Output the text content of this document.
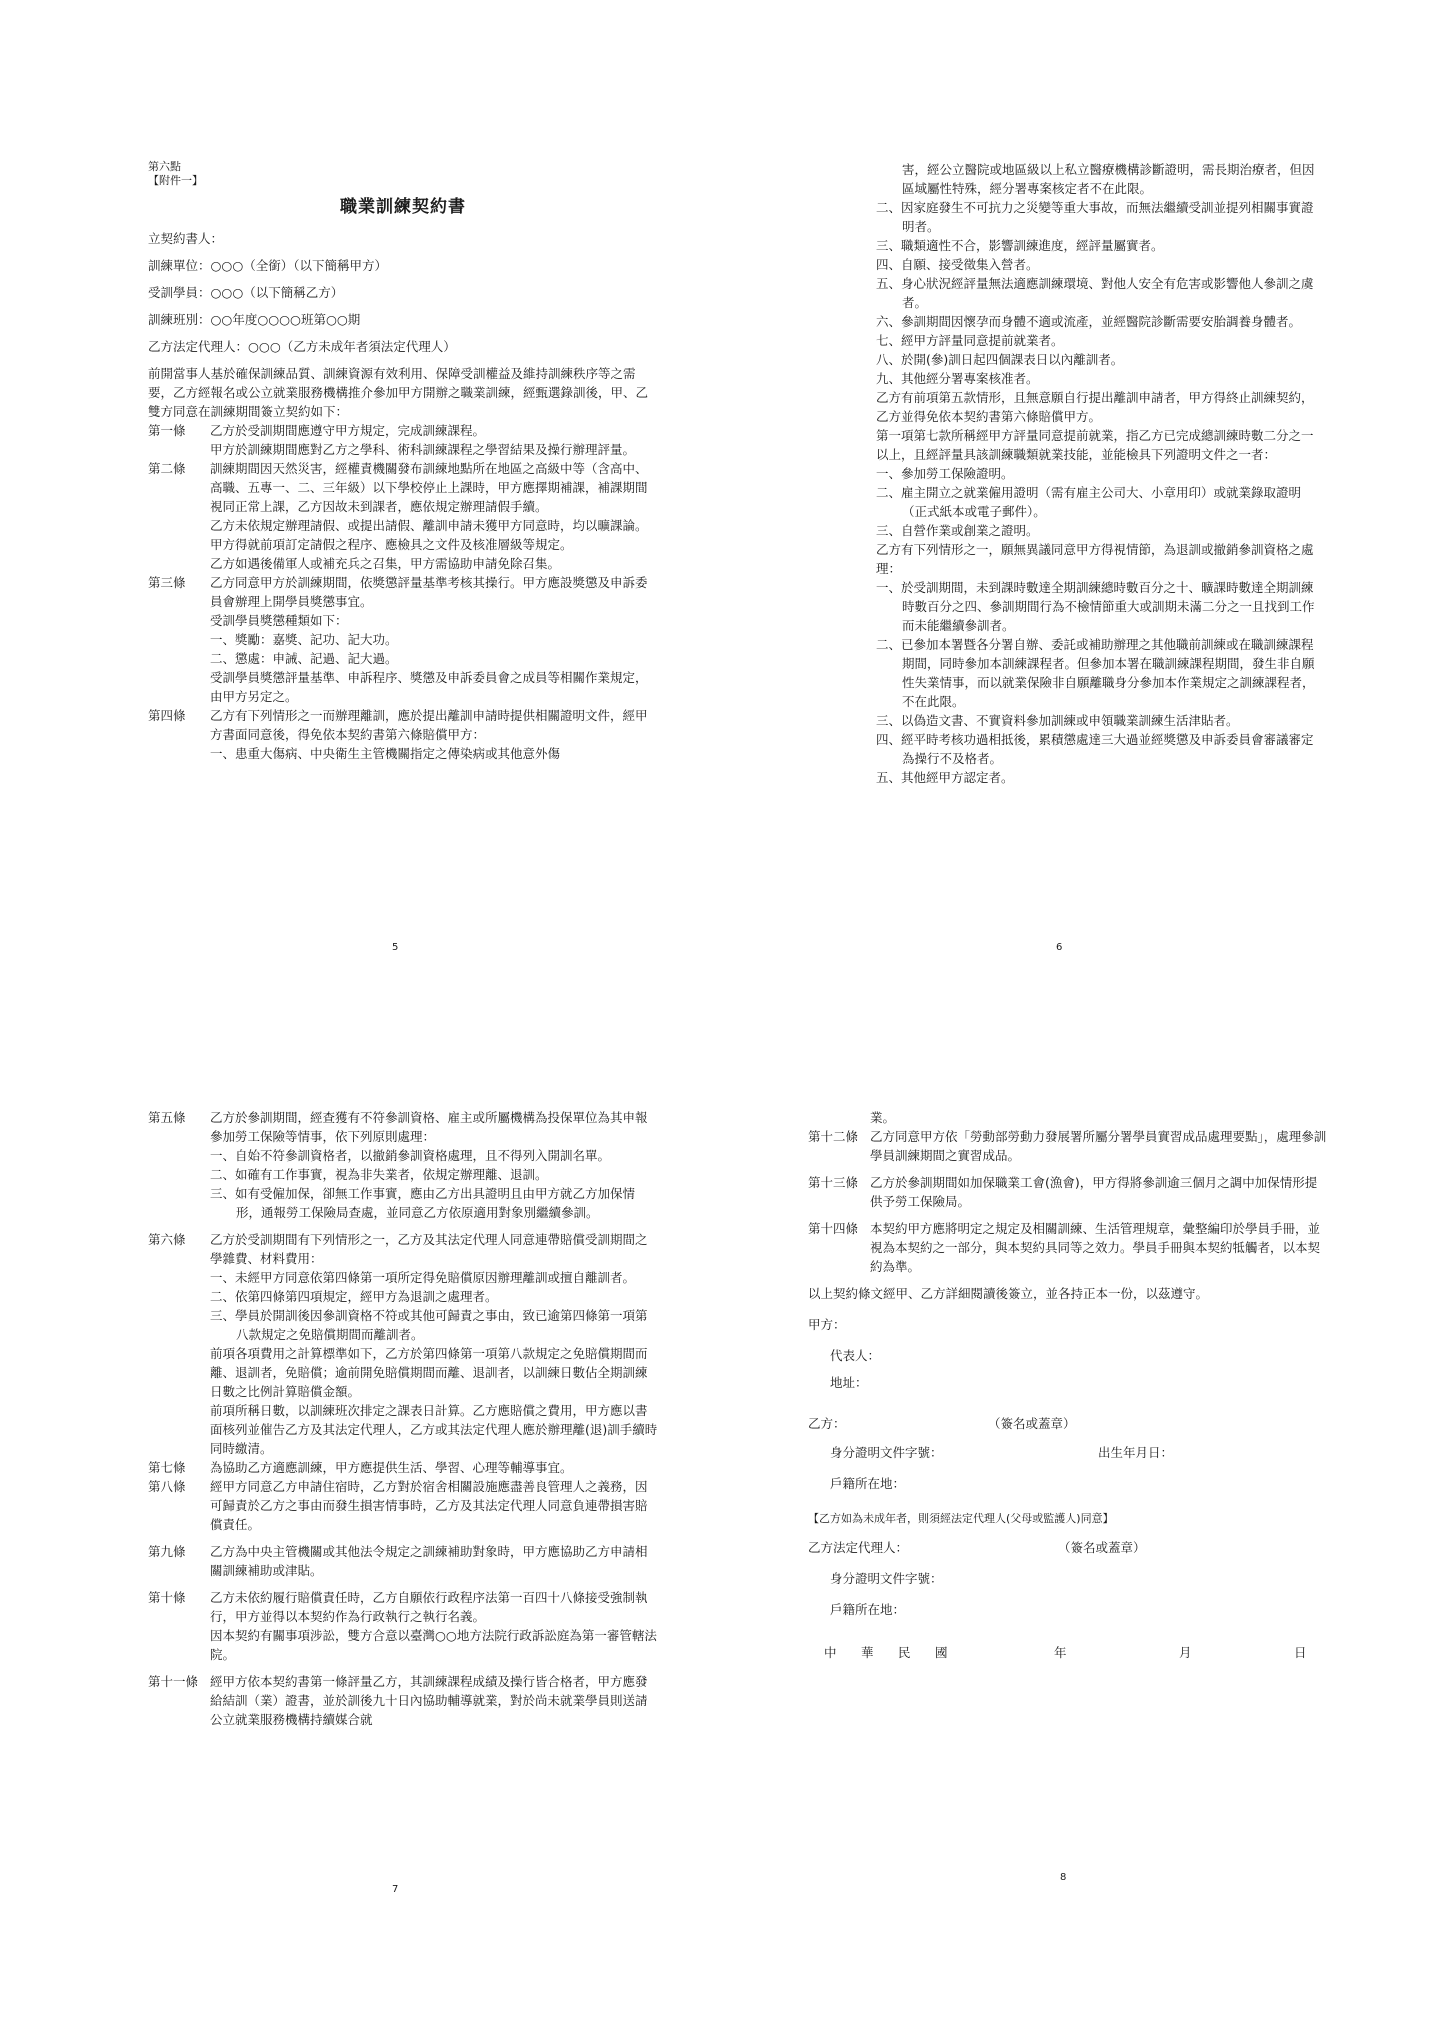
第六點

【附件一】

職業訓練契約書

立契約書人：

訓練單位：○○○（全銜）（以下簡稱甲方）

受訓學員：○○○（以下簡稱乙方）

訓練班別：○○年度○○○○班第○○期

乙方法定代理人：○○○（乙方未成年者須法定代理人）

前開當事人基於確保訓練品質、訓練資源有效利用、保障受訓權益及維持訓練秩序等之需要，乙方經報名或公立就業服務機構推介參加甲方開辦之職業訓練，經甄選錄訓後，甲、乙雙方同意在訓練期間簽立契約如下：

第一條	乙方於受訓期間應遵守甲方規定，完成訓練課程。

甲方於訓練期間應對乙方之學科、術科訓練課程之學習結果及操行辦理評量。

第二條	訓練期間因天然災害，經權責機關發布訓練地點所在地區之高級中等（含高中、高職、五專一、二、三年級）以下學校停止上課時，甲方應擇期補課，補課期間視同正常上課，乙方因故未到課者，應依規定辦理請假手續。

乙方未依規定辦理請假、或提出請假、離訓申請未獲甲方同意時，均以曠課論。

甲方得就前項訂定請假之程序、應檢具之文件及核准層級等規定。

乙方如遇後備軍人或補充兵之召集，甲方需協助申請免除召集。

第三條	乙方同意甲方於訓練期間，依獎懲評量基準考核其操行。甲方應設獎懲及申訴委員會辦理上開學員獎懲事宜。

受訓學員獎懲種類如下：

一、獎勵：嘉獎、記功、記大功。

二、懲處：申誡、記過、記大過。

受訓學員獎懲評量基準、申訴程序、獎懲及申訴委員會之成員等相關作業規定，由甲方另定之。

第四條	乙方有下列情形之一而辦理離訓，應於提出離訓申請時提供相關證明文件，經甲方書面同意後，得免依本契約書第六條賠償甲方：

一、患重大傷病、中央衛生主管機關指定之傳染病或其他意外傷

5

害，經公立醫院或地區級以上私立醫療機構診斷證明，需長期治療者，但因區域屬性特殊，經分署專案核定者不在此限。

二、因家庭發生不可抗力之災變等重大事故，而無法繼續受訓並提列相關事實證明者。

三、職類適性不合，影響訓練進度，經評量屬實者。

四、自願、接受徵集入營者。

五、身心狀況經評量無法適應訓練環境、對他人安全有危害或影響他人參訓之虞者。

六、參訓期間因懷孕而身體不適或流產，並經醫院診斷需要安胎調養身體者。

七、經甲方評量同意提前就業者。

八、於開(參)訓日起四個課表日以內離訓者。

九、其他經分署專案核准者。

乙方有前項第五款情形，且無意願自行提出離訓申請者，甲方得終止訓練契約，乙方並得免依本契約書第六條賠償甲方。

第一項第七款所稱經甲方評量同意提前就業，指乙方已完成總訓練時數二分之一以上，且經評量具該訓練職類就業技能，並能檢具下列證明文件之一者：

一、參加勞工保險證明。

二、雇主開立之就業僱用證明（需有雇主公司大、小章用印）或就業錄取證明（正式紙本或電子郵件）。

三、自營作業或創業之證明。

乙方有下列情形之一，願無異議同意甲方得視情節，為退訓或撤銷參訓資格之處理：

一、於受訓期間，未到課時數達全期訓練總時數百分之十、曠課時數達全期訓練時數百分之四、參訓期間行為不檢情節重大或訓期未滿二分之一且找到工作而未能繼續參訓者。

二、已參加本署暨各分署自辦、委託或補助辦理之其他職前訓練或在職訓練課程期間，同時參加本訓練課程者。但參加本署在職訓練課程期間，發生非自願性失業情事，而以就業保險非自願離職身分參加本作業規定之訓練課程者，不在此限。

三、以偽造文書、不實資料參加訓練或申領職業訓練生活津貼者。

四、經平時考核功過相抵後，累積懲處達三大過並經獎懲及申訴委員會審議審定為操行不及格者。

五、其他經甲方認定者。

6
第五條	乙方於參訓期間，經查獲有不符參訓資格、雇主或所屬機構為投保單位為其申報參加勞工保險等情事，依下列原則處理：

一、自始不符參訓資格者，以撤銷參訓資格處理，且不得列入開訓名單。

二、如確有工作事實，視為非失業者，依規定辦理離、退訓。

三、如有受僱加保，卻無工作事實，應由乙方出具證明且由甲方就乙方加保情形，通報勞工保險局查處，並同意乙方依原適用對象別繼續參訓。

第六條	乙方於受訓期間有下列情形之一，乙方及其法定代理人同意連帶賠償受訓期間之學雜費、材料費用：

一、未經甲方同意依第四條第一項所定得免賠償原因辦理離訓或擅自離訓者。

二、依第四條第四項規定，經甲方為退訓之處理者。

三、學員於開訓後因參訓資格不符或其他可歸責之事由，致已逾第四條第一項第八款規定之免賠償期間而離訓者。

前項各項費用之計算標準如下，乙方於第四條第一項第八款規定之免賠償期間而離、退訓者，免賠償；逾前開免賠償期間而離、退訓者，以訓練日數佔全期訓練日數之比例計算賠償金額。

前項所稱日數，以訓練班次排定之課表日計算。乙方應賠償之費用，甲方應以書面核列並催告乙方及其法定代理人，乙方或其法定代理人應於辦理離(退)訓手續時同時繳清。

第七條	為協助乙方適應訓練，甲方應提供生活、學習、心理等輔導事宜。

第八條	經甲方同意乙方申請住宿時，乙方對於宿舍相關設施應盡善良管理人之義務，因可歸責於乙方之事由而發生損害情事時，乙方及其法定代理人同意負連帶損害賠償責任。

第九條	乙方為中央主管機關或其他法令規定之訓練補助對象時，甲方應協助乙方申請相關訓練補助或津貼。

第十條	乙方未依約履行賠償責任時，乙方自願依行政程序法第一百四十八條接受強制執行，甲方並得以本契約作為行政執行之執行名義。

因本契約有關事項涉訟，雙方合意以臺灣○○地方法院行政訴訟庭為第一審管轄法院。

第十一條 經甲方依本契約書第一條評量乙方，其訓練課程成績及操行皆合格者，甲方應發給結訓（業）證書，並於訓後九十日內協助輔導就業，對於尚未就業學員則送請公立就業服務機構持續媒合就

7

業。

第十二條 乙方同意甲方依「勞動部勞動力發展署所屬分署學員實習成品處理要點」，處理參訓學員訓練期間之實習成品。

第十三條 乙方於參訓期間如加保職業工會(漁會)，甲方得將參訓逾三個月之調中加保情形提供予勞工保險局。

第十四條 本契約甲方應將明定之規定及相關訓練、生活管理規章，彙整編印於學員手冊，並視為本契約之一部分，與本契約具同等之效力。學員手冊與本契約牴觸者，以本契約為準。

以上契約條文經甲、乙方詳細閱讀後簽立，並各持正本一份，以茲遵守。

甲方：

代表人：

地址：

乙方：	（簽名或蓋章）
身分證明文件字號：	出生年月日：

戶籍所在地：

【乙方如為未成年者，則須經法定代理人(父母或監護人)同意】

乙方法定代理人：	（簽名或蓋章）

身分證明文件字號：

戶籍所在地：

中　華　民　國	年	月	日
8
